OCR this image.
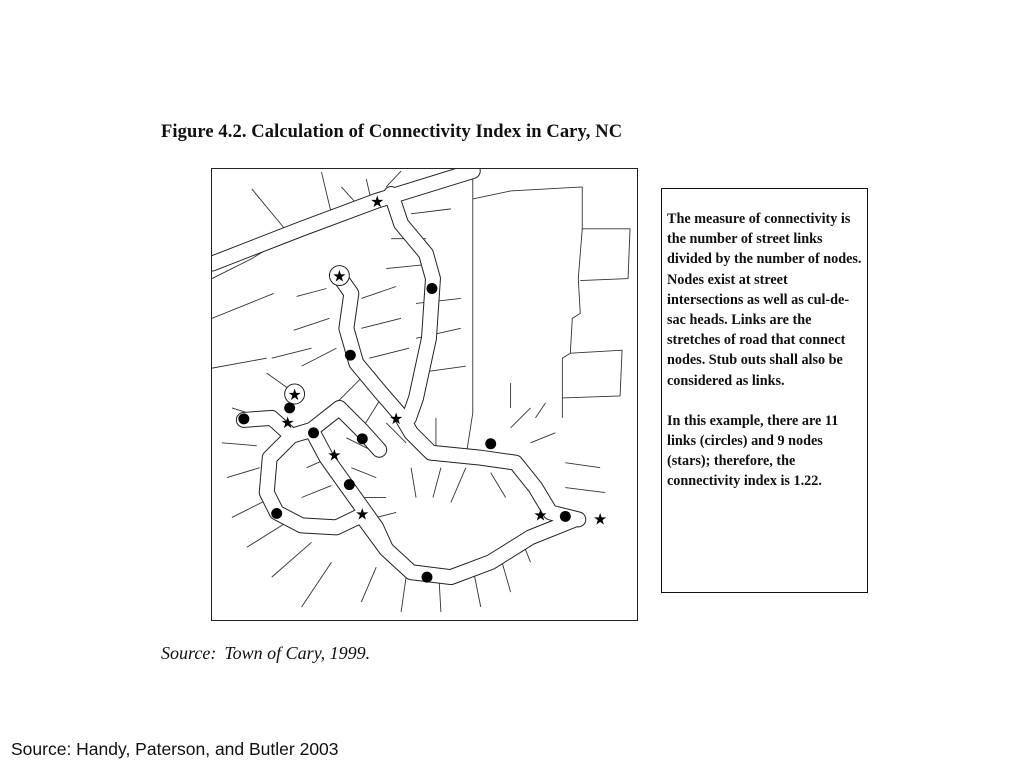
Figure 4.2. Calculation of Connectivity Index in Cary, NC
★
★
★
★
★
★
★	★	★

The measure of connectivity is the number of street links divided by the number of nodes. Nodes exist at street intersections as well as cul-de-sac heads. Links are the stretches of road that connect nodes. Stub outs shall also be considered as links.

In this example, there are 11 links (circles) and 9 nodes (stars); therefore, the connectivity index is 1.22.

Source: Town of Cary, 1999.
Source: Handy, Paterson, and Butler 2003
